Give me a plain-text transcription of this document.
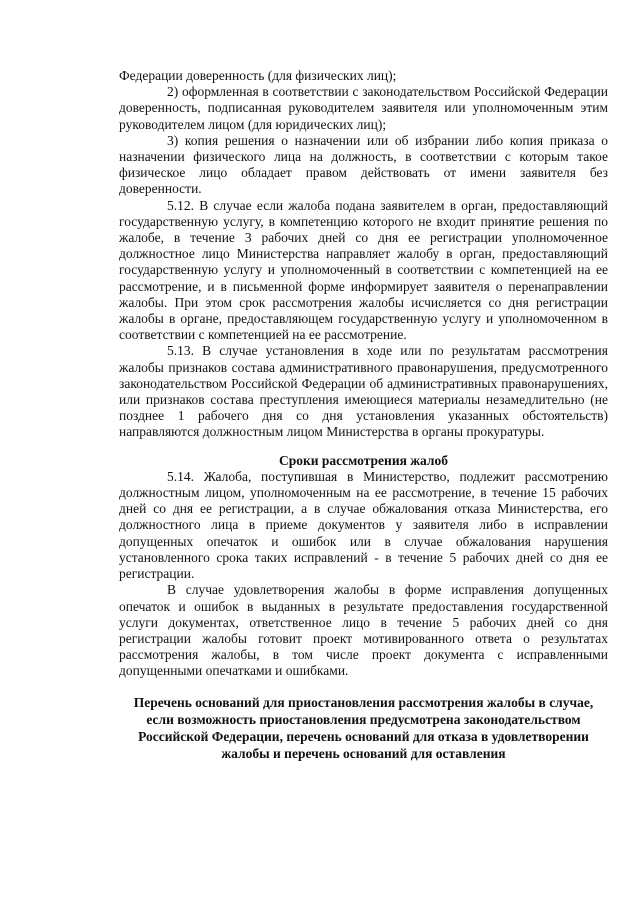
Федерации доверенность (для физических лиц);

2) оформленная в соответствии с законодательством Российской Федерации доверенность, подписанная руководителем заявителя или уполномоченным этим руководителем лицом (для юридических лиц);

3) копия решения о назначении или об избрании либо копия приказа о назначении физического лица на должность, в соответствии с которым такое физическое лицо обладает правом действовать от имени заявителя без доверенности.

5.12. В случае если жалоба подана заявителем в орган, предоставляющий государственную услугу, в компетенцию которого не входит принятие решения по жалобе, в течение 3 рабочих дней со дня ее регистрации уполномоченное должностное лицо Министерства направляет жалобу в орган, предоставляющий государственную услугу и уполномоченный в соответствии с компетенцией на ее рассмотрение, и в письменной форме информирует заявителя о перенаправлении жалобы. При этом срок рассмотрения жалобы исчисляется со дня регистрации жалобы в органе, предоставляющем государственную услугу и уполномоченном в соответствии с компетенцией на ее рассмотрение.

5.13. В случае установления в ходе или по результатам рассмотрения жалобы признаков состава административного правонарушения, предусмотренного законодательством Российской Федерации об административных правонарушениях, или признаков состава преступления имеющиеся материалы незамедлительно (не позднее 1 рабочего дня со дня установления указанных обстоятельств) направляются должностным лицом Министерства в органы прокуратуры.

Сроки рассмотрения жалоб

5.14. Жалоба, поступившая в Министерство, подлежит рассмотрению должностным лицом, уполномоченным на ее рассмотрение, в течение 15 рабочих дней со дня ее регистрации, а в случае обжалования отказа Министерства, его должностного лица в приеме документов у заявителя либо в исправлении допущенных опечаток и ошибок или в случае обжалования нарушения установленного срока таких исправлений - в течение 5 рабочих дней со дня ее регистрации.

В случае удовлетворения жалобы в форме исправления допущенных опечаток и ошибок в выданных в результате предоставления государственной услуги документах, ответственное лицо в течение 5 рабочих дней со дня регистрации жалобы готовит проект мотивированного ответа о результатах рассмотрения жалобы, в том числе проект документа с исправленными допущенными опечатками и ошибками.

Перечень оснований для приостановления рассмотрения жалобы в случае, если возможность приостановления предусмотрена законодательством Российской Федерации, перечень оснований для отказа в удовлетворении жалобы и перечень оснований для оставления
